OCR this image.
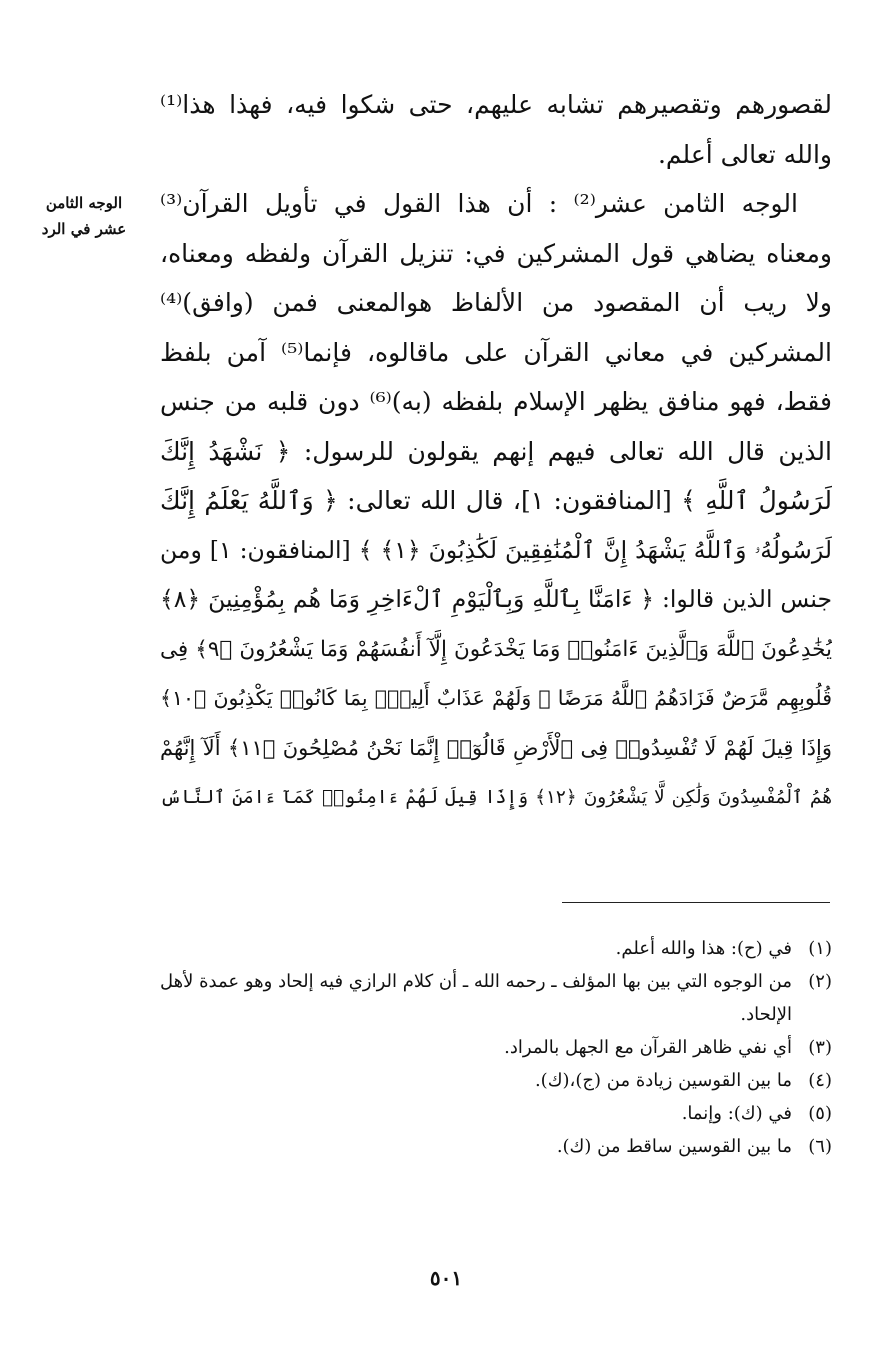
لقصورهم وتقصيرهم تشابه عليهم، حتى شكوا فيه، فهذا هذا⁽¹⁾
والله تعالى أعلم.
الوجه الثامن عشر⁽²⁾ : أن هذا القول في تأويل القرآن⁽³⁾
ومعناه يضاهي قول المشركين في: تنزيل القرآن ولفظه ومعناه،
ولا ريب أن المقصود من الألفاظ هوالمعنى فمن (وافق)⁽⁴⁾
المشركين في معاني القرآن على ماقالوه، فإنما⁽⁵⁾ آمن بلفظ
فقط، فهو منافق يظهر الإسلام بلفظه (به)⁽⁶⁾ دون قلبه من جنس
الذين قال الله تعالى فيهم إنهم يقولون للرسول: ﴿ نَشْهَدُ إِنَّكَ
لَرَسُولُ ٱللَّهِ ﴾ [المنافقون: ١]، قال الله تعالى: ﴿ وَٱللَّهُ يَعْلَمُ إِنَّكَ
لَرَسُولُهُۥ وَٱللَّهُ يَشْهَدُ إِنَّ ٱلْمُنَٰفِقِينَ لَكَٰذِبُونَ ﴿١﴾ ﴾ [المنافقون: ١] ومن
جنس الذين قالوا: ﴿ ءَامَنَّا بِٱللَّهِ وَبِٱلْيَوْمِ ٱلْءَاخِرِ وَمَا هُم بِمُؤْمِنِينَ ﴿٨﴾
يُخَٰدِعُونَ ٱللَّهَ وَٱلَّذِينَ ءَامَنُوا۟ وَمَا يَخْدَعُونَ إِلَّآ أَنفُسَهُمْ وَمَا يَشْعُرُونَ ﴿٩﴾ فِى
قُلُوبِهِم مَّرَضٌ فَزَادَهُمُ ٱللَّهُ مَرَضًا ۖ وَلَهُمْ عَذَابٌ أَلِيمٌۢ بِمَا كَانُوا۟ يَكْذِبُونَ ﴿١٠﴾
وَإِذَا قِيلَ لَهُمْ لَا تُفْسِدُوا۟ فِى ٱلْأَرْضِ قَالُوٓا۟ إِنَّمَا نَحْنُ مُصْلِحُونَ ﴿١١﴾ أَلَآ إِنَّهُمْ
هُمُ ٱلْمُفْسِدُونَ وَلَٰكِن لَّا يَشْعُرُونَ ﴿١٢﴾ وَإِذَا قِيلَ لَهُمْ ءَامِنُوا۟ كَمَآ ءَامَنَ ٱلنَّاسُ
الوجه الثامن
عشر في الرد
(١)
في (ح): هذا والله أعلم.
(٢)
من الوجوه التي بين بها المؤلف ـ رحمه الله ـ أن كلام الرازي فيه إلحاد وهو عمدة لأهل الإلحاد.
(٣)
أي نفي ظاهر القرآن مع الجهل بالمراد.
(٤)
ما بين القوسين زيادة من (ج)،(ك).
(٥)
في (ك): وإنما.
(٦)
ما بين القوسين ساقط من (ك).
٥٠١
